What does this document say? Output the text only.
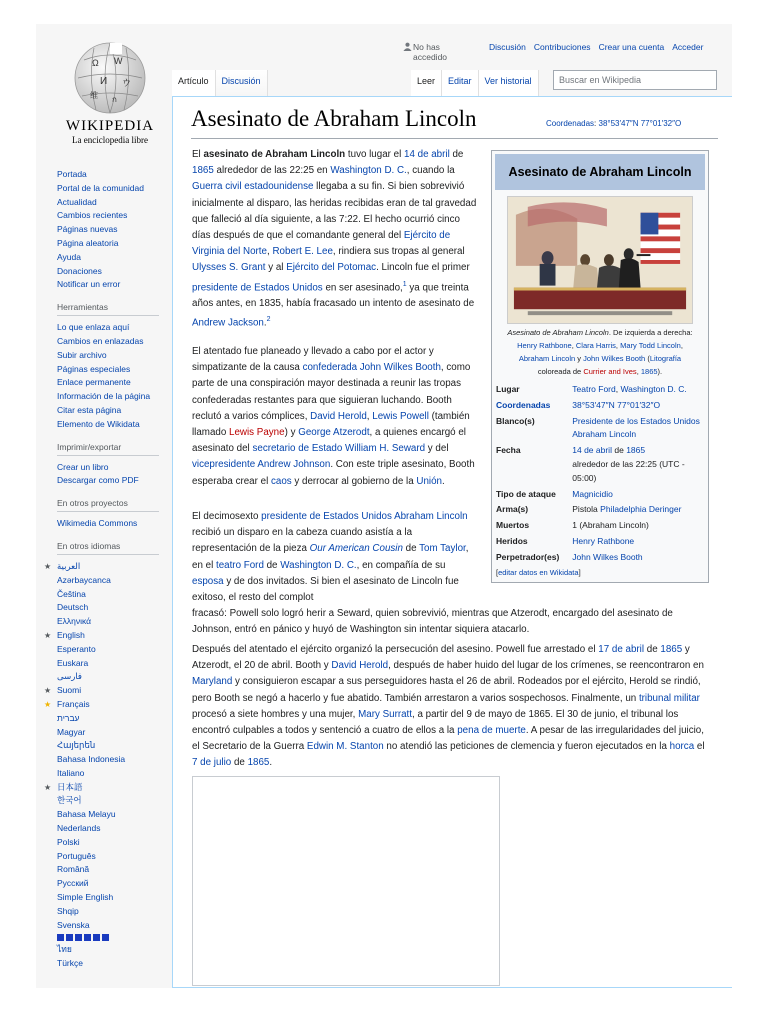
Ω W
И ウ
维 ก
WIKIPEDIA
La enciclopedia libre
Portada
Portal de la comunidad
Actualidad
Cambios recientes
Páginas nuevas
Página aleatoria
Ayuda
Donaciones
Notificar un error
Herramientas
Lo que enlaza aquí
Cambios en enlazadas
Subir archivo
Páginas especiales
Enlace permanente
Información de la página
Citar esta página
Elemento de Wikidata
Imprimir/exportar
Crear un libro
Descargar como PDF
En otros proyectos
Wikimedia Commons
En otros idiomas
★ العربية
Azərbaycanca
Čeština
Deutsch
Ελληνικά
★ English
Esperanto
Euskara
فارسی
★ Suomi
★ Français
עברית
Magyar
Հայերեն
Bahasa Indonesia
Italiano
★ 日本語
한국어
Bahasa Melayu
Nederlands
Polski
Português
Română
Русский
Simple English
Shqip
Svenska
ไทย
Türkçe
No has accedido
Discusión Contribuciones Crear una cuenta Acceder
Artículo	Discusión	Leer	Editar	Ver historial	Buscar en Wikipedia
Asesinato de Abraham Lincoln	Coordenadas: 38°53′47″N 77°01′32″O
El asesinato de Abraham Lincoln tuvo lugar el 14 de abril de 1865 alrededor de las 22:25 en Washington D. C., cuando la Guerra civil estadounidense llegaba a su fin. Si bien sobrevivió inicialmente al disparo, las heridas recibidas eran de tal gravedad que falleció al día siguiente, a las 7:22. El hecho ocurrió cinco días después de que el comandante general del Ejército de Virginia del Norte, Robert E. Lee, rindiera sus tropas al general Ulysses S. Grant y al Ejército del Potomac. Lincoln fue el primer presidente de Estados Unidos en ser asesinado,$^1$ ya que treinta años antes, en 1835, había fracasado un intento de asesinato de Andrew Jackson.$^2$
El atentado fue planeado y llevado a cabo por el actor y simpatizante de la causa confederada John Wilkes Booth, como parte de una conspiración mayor destinada a reunir las tropas confederadas restantes para que siguieran luchando. Booth reclutó a varios cómplices, David Herold, Lewis Powell (también llamado Lewis Payne) y George Atzerodt, a quienes encargó el asesinato del secretario de Estado William H. Seward y del vicepresidente Andrew Johnson. Con este triple asesinato, Booth esperaba crear el caos y derrocar al gobierno de la Unión.
El decimosexto presidente de Estados Unidos Abraham Lincoln recibió un disparo en la cabeza cuando asistía a la representación de la pieza Our American Cousin de Tom Taylor, en el teatro Ford de Washington D. C., en compañía de su esposa y de dos invitados. Si bien el asesinato de Lincoln fue exitoso, el resto del complot
fracasó: Powell solo logró herir a Seward, quien sobrevivió, mientras que Atzerodt, encargado del asesinato de Johnson, entró en pánico y huyó de Washington sin intentar siquiera atacarlo.
Después del atentado el ejército organizó la persecución del asesino. Powell fue arrestado el 17 de abril de 1865 y Atzerodt, el 20 de abril. Booth y David Herold, después de haber huido del lugar de los crímenes, se reencontraron en Maryland y consiguieron escapar a sus perseguidores hasta el 26 de abril. Rodeados por el ejército, Herold se rindió, pero Booth se negó a hacerlo y fue abatido. También arrestaron a varios sospechosos. Finalmente, un tribunal militar procesó a siete hombres y una mujer, Mary Surratt, a partir del 9 de mayo de 1865. El 30 de junio, el tribunal los encontró culpables a todos y sentenció a cuatro de ellos a la pena de muerte. A pesar de las irregularidades del juicio, el Secretario de la Guerra Edwin M. Stanton no atendió las peticiones de clemencia y fueron ejecutados en la horca el 7 de julio de 1865.
Asesinato de Abraham Lincoln
Asesinato de Abraham Lincoln. De izquierda a derecha:
Henry Rathbone, Clara Harris, Mary Todd Lincoln,
Abraham Lincoln y John Wilkes Booth (Litografía
coloreada de Currier and Ives, 1865).
Lugar	Teatro Ford, Washington D. C.
Coordenadas	38°53′47″N 77°01′32″O
Blanco(s)	Presidente de los Estados Unidos
Abraham Lincoln
Fecha	14 de abril de 1865
alrededor de las 22:25 (UTC - 05:00)
Tipo de ataque	Magnicidio
Arma(s)	Pistola Philadelphia Deringer
Muertos	1 (Abraham Lincoln)
Heridos	Henry Rathbone
Perpetrador(es)	John Wilkes Booth
[editar datos en Wikidata]
